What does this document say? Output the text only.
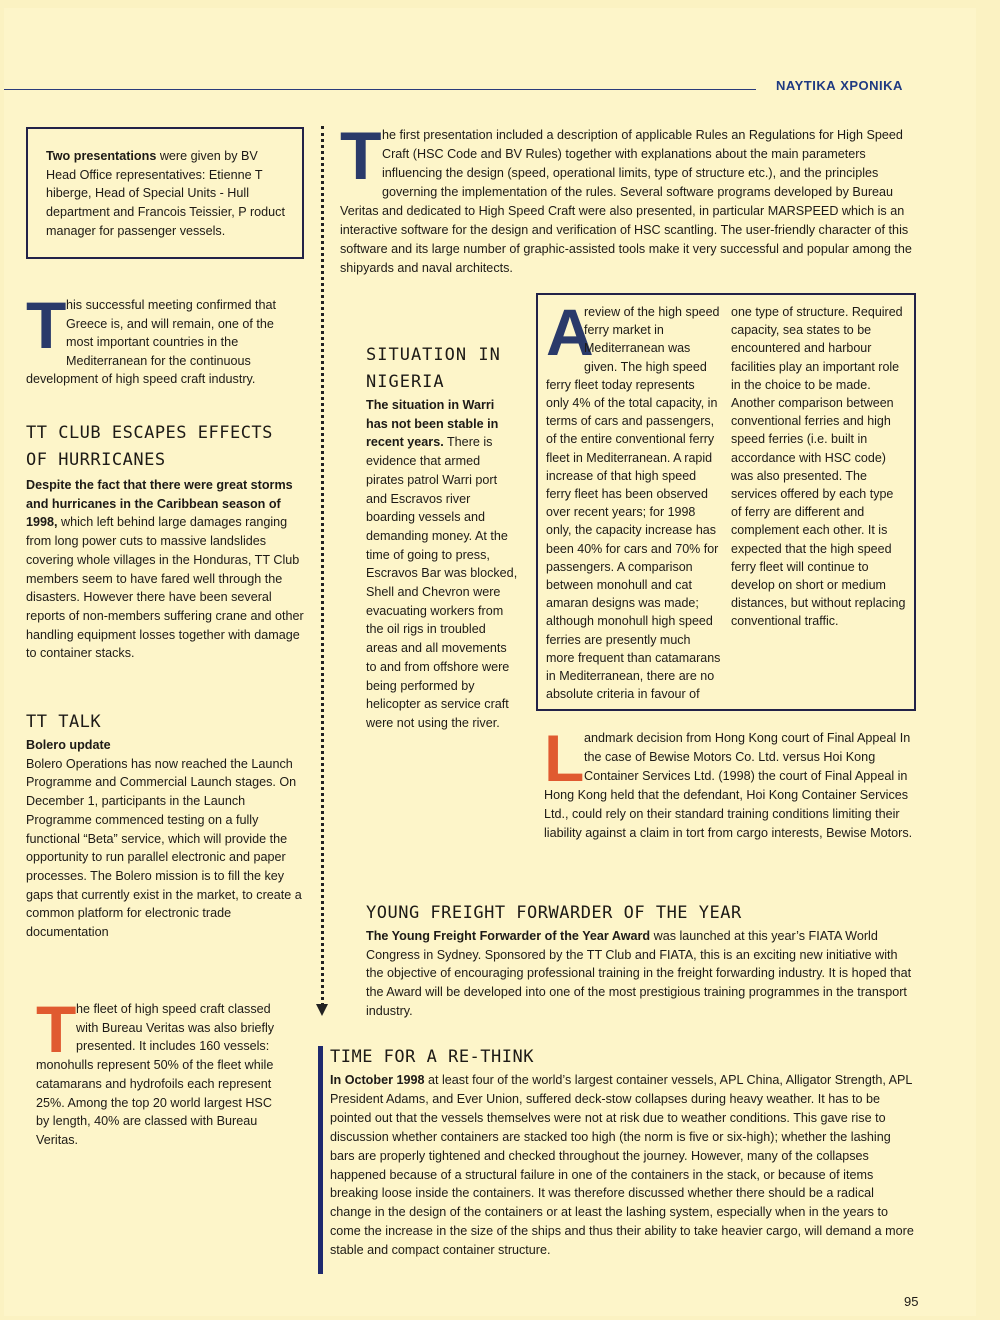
ΝΑΥΤΙΚΑ ΧΡΟΝΙΚΑ
Two presentations were given by BV Head Office representatives: Etienne T hiberge, Head of Special Units - Hull department and Francois Teissier, P roduct manager for passenger vessels.
T he first presentation included a description of applicable Rules an Regulations for High Speed Craft (HSC Code and BV Rules) together with explanations about the main parameters influencing the design (speed, operational limits, type of structure etc.), and the principles governing the implementation of the rules. Several software programs developed by Bureau Veritas and dedicated to High Speed Craft were also presented, in particular MARSPEED which is an interactive software for the design and verification of HSC scantling. The user-friendly character of this software and its large number of graphic-assisted tools make it very successful and popular among the shipyards and naval architects.
T his successful meeting confirmed that Greece is, and will remain, one of the most important countries in the Mediterranean for the continuous development of high speed craft industry.
TT CLUB ESCAPES EFFECTS OF HURRICANES
Despite the fact that there were great storms and hurricanes in the Caribbean season of 1998, which left behind large damages ranging from long power cuts to massive landslides covering whole villages in the Honduras, TT Club members seem to have fared well through the disasters. However there have been several reports of non-members suffering crane and other handling equipment losses together with damage to container stacks.
TT TALK
Bolero update
Bolero Operations has now reached the Launch Programme and Commercial Launch stages. On December 1, participants in the Launch Programme commenced testing on a fully functional “Beta” service, which will provide the opportunity to run parallel electronic and paper processes. The Bolero mission is to fill the key gaps that currently exist in the market, to create a common platform for electronic trade documentation
T he fleet of high speed craft classed with Bureau Veritas was also briefly presented. It includes 160 vessels: monohulls represent 50% of the fleet while catamarans and hydrofoils each represent 25%. Among the top 20 world largest HSC by length, 40% are classed with Bureau Veritas.
SITUATION IN NIGERIA
The situation in Warri has not been stable in recent years. There is evidence that armed pirates patrol Warri port and Escravos river boarding vessels and demanding money. At the time of going to press, Escravos Bar was blocked, Shell and Chevron were evacuating workers from the oil rigs in troubled areas and all movements to and from offshore were being performed by helicopter as service craft were not using the river.
A
review of the high speed ferry market in Mediterranean was given. The high speed ferry fleet today represents only 4% of the total capacity, in terms of cars and passengers, of the entire conventional ferry fleet in Mediterranean. A rapid increase of that high speed ferry fleet has been observed over recent years; for 1998 only, the capacity increase has been 40% for cars and 70% for passengers. A comparison between monohull and cat amaran designs was made; although monohull high speed ferries are presently much more frequent than catamarans in Mediterranean, there are no absolute criteria in favour of one type of structure. Required capacity, sea states to be encountered and harbour facilities play an important role in the choice to be made. Another comparison between conventional ferries and high speed ferries (i.e. built in accordance with HSC code) was also presented. The services offered by each type of ferry are different and complement each other. It is expected that the high speed ferry fleet will continue to develop on short or medium distances, but without replacing conventional traffic.
L andmark decision from Hong Kong court of Final Appeal In the case of Bewise Motors Co. Ltd. versus Hoi Kong Container Services Ltd. (1998) the court of Final Appeal in Hong Kong held that the defendant, Hoi Kong Container Services Ltd., could rely on their standard training conditions limiting their liability against a claim in tort from cargo interests, Bewise Motors.
YOUNG FREIGHT FORWARDER OF THE YEAR
The Young Freight Forwarder of the Year Award was launched at this year’s FIATA World Congress in Sydney. Sponsored by the TT Club and FIATA, this is an exciting new initiative with the objective of encouraging professional training in the freight forwarding industry. It is hoped that the Award will be developed into one of the most prestigious training programmes in the transport industry.
TIME FOR A RE-THINK
In October 1998 at least four of the world’s largest container vessels, APL China, Alligator Strength, APL President Adams, and Ever Union, suffered deck-stow collapses during heavy weather. It has to be pointed out that the vessels themselves were not at risk due to weather conditions. This gave rise to discussion whether containers are stacked too high (the norm is five or six-high); whether the lashing bars are properly tightened and checked throughout the journey. However, many of the collapses happened because of a structural failure in one of the containers in the stack, or because of items breaking loose inside the containers. It was therefore discussed whether there should be a radical change in the design of the containers or at least the lashing system, especially when in the years to come the increase in the size of the ships and thus their ability to take heavier cargo, will demand a more stable and compact container structure.
95
